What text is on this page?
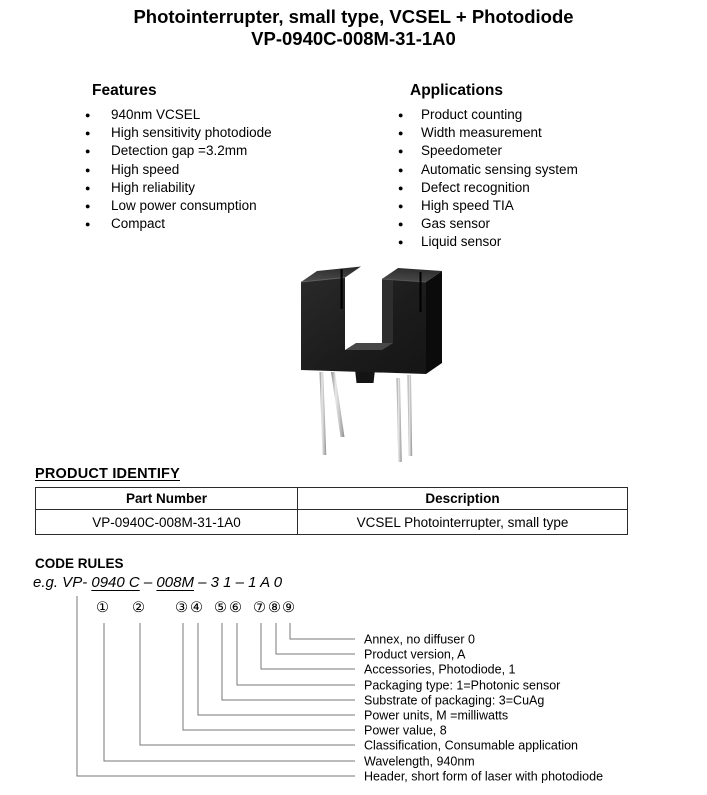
Photointerrupter, small type, VCSEL + Photodiode
VP-0940C-008M-31-1A0
Features
●	940nm VCSEL
●	High sensitivity photodiode
●	Detection gap =3.2mm
●	High speed
●	High reliability
●	Low power consumption
●	Compact
Applications
●	Product counting
●	Width measurement
●	Speedometer
●	Automatic sensing system
●	Defect recognition
●	High speed TIA
●	Gas sensor
●	Liquid sensor
PRODUCT IDENTIFY
Part Number	Description
VP-0940C-008M-31-1A0	VCSEL Photointerrupter, small type
CODE RULES
e.g. VP- 0940 C – 008M – 3 1 – 1 A 0
① ② ③ ④ ⑤ ⑥ ⑦ ⑧ ⑨
Annex, no diffuser 0
Product version, A
Accessories, Photodiode, 1
Packaging type: 1=Photonic sensor
Substrate of packaging: 3=CuAg
Power units, M =milliwatts
Power value, 8
Classification, Consumable application
Wavelength, 940nm
Header, short form of laser with photodiode
